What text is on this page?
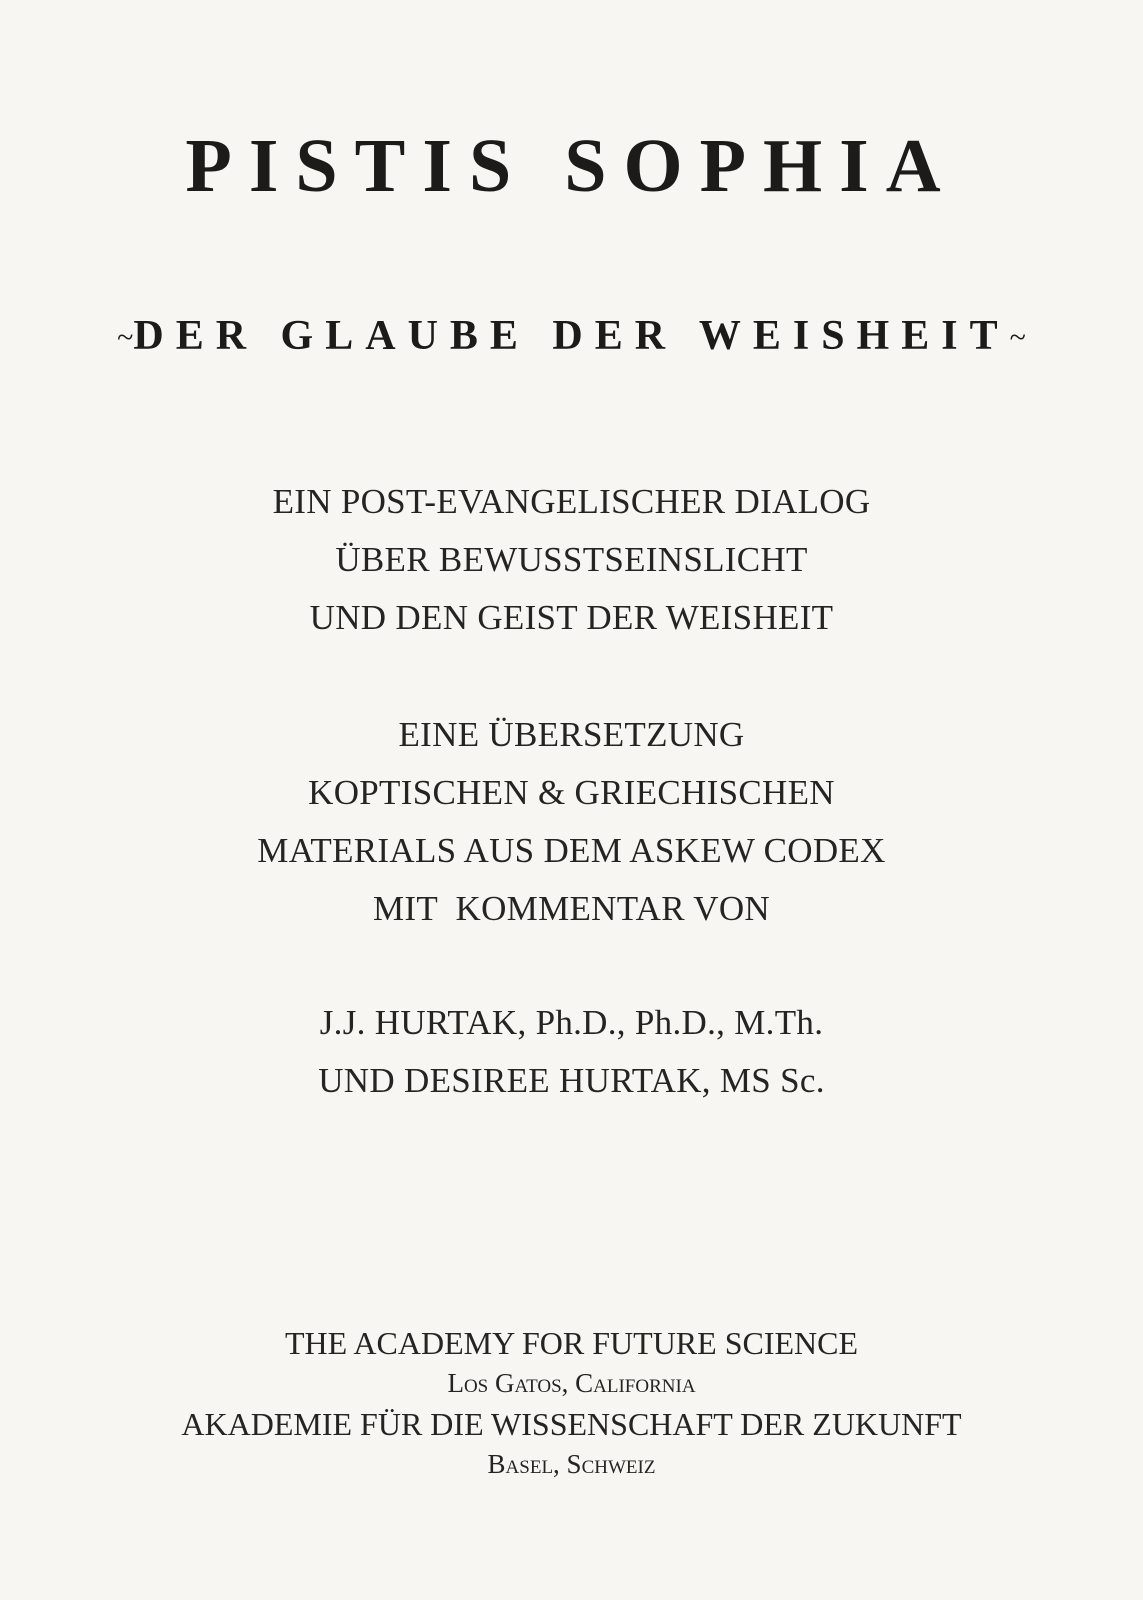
PISTIS SOPHIA
~DER GLAUBE DER WEISHEIT~
EIN POST-EVANGELISCHER DIALOG
ÜBER BEWUSSTSEINSLICHT
UND DEN GEIST DER WEISHEIT
EINE ÜBERSETZUNG
KOPTISCHEN & GRIECHISCHEN
MATERIALS AUS DEM ASKEW CODEX
MIT  KOMMENTAR VON
J.J. HURTAK, Ph.D., Ph.D., M.Th.
UND DESIREE HURTAK, MS Sc.
THE ACADEMY FOR FUTURE SCIENCE
Los Gatos, California
AKADEMIE FÜR DIE WISSENSCHAFT DER ZUKUNFT
Basel, Schweiz
